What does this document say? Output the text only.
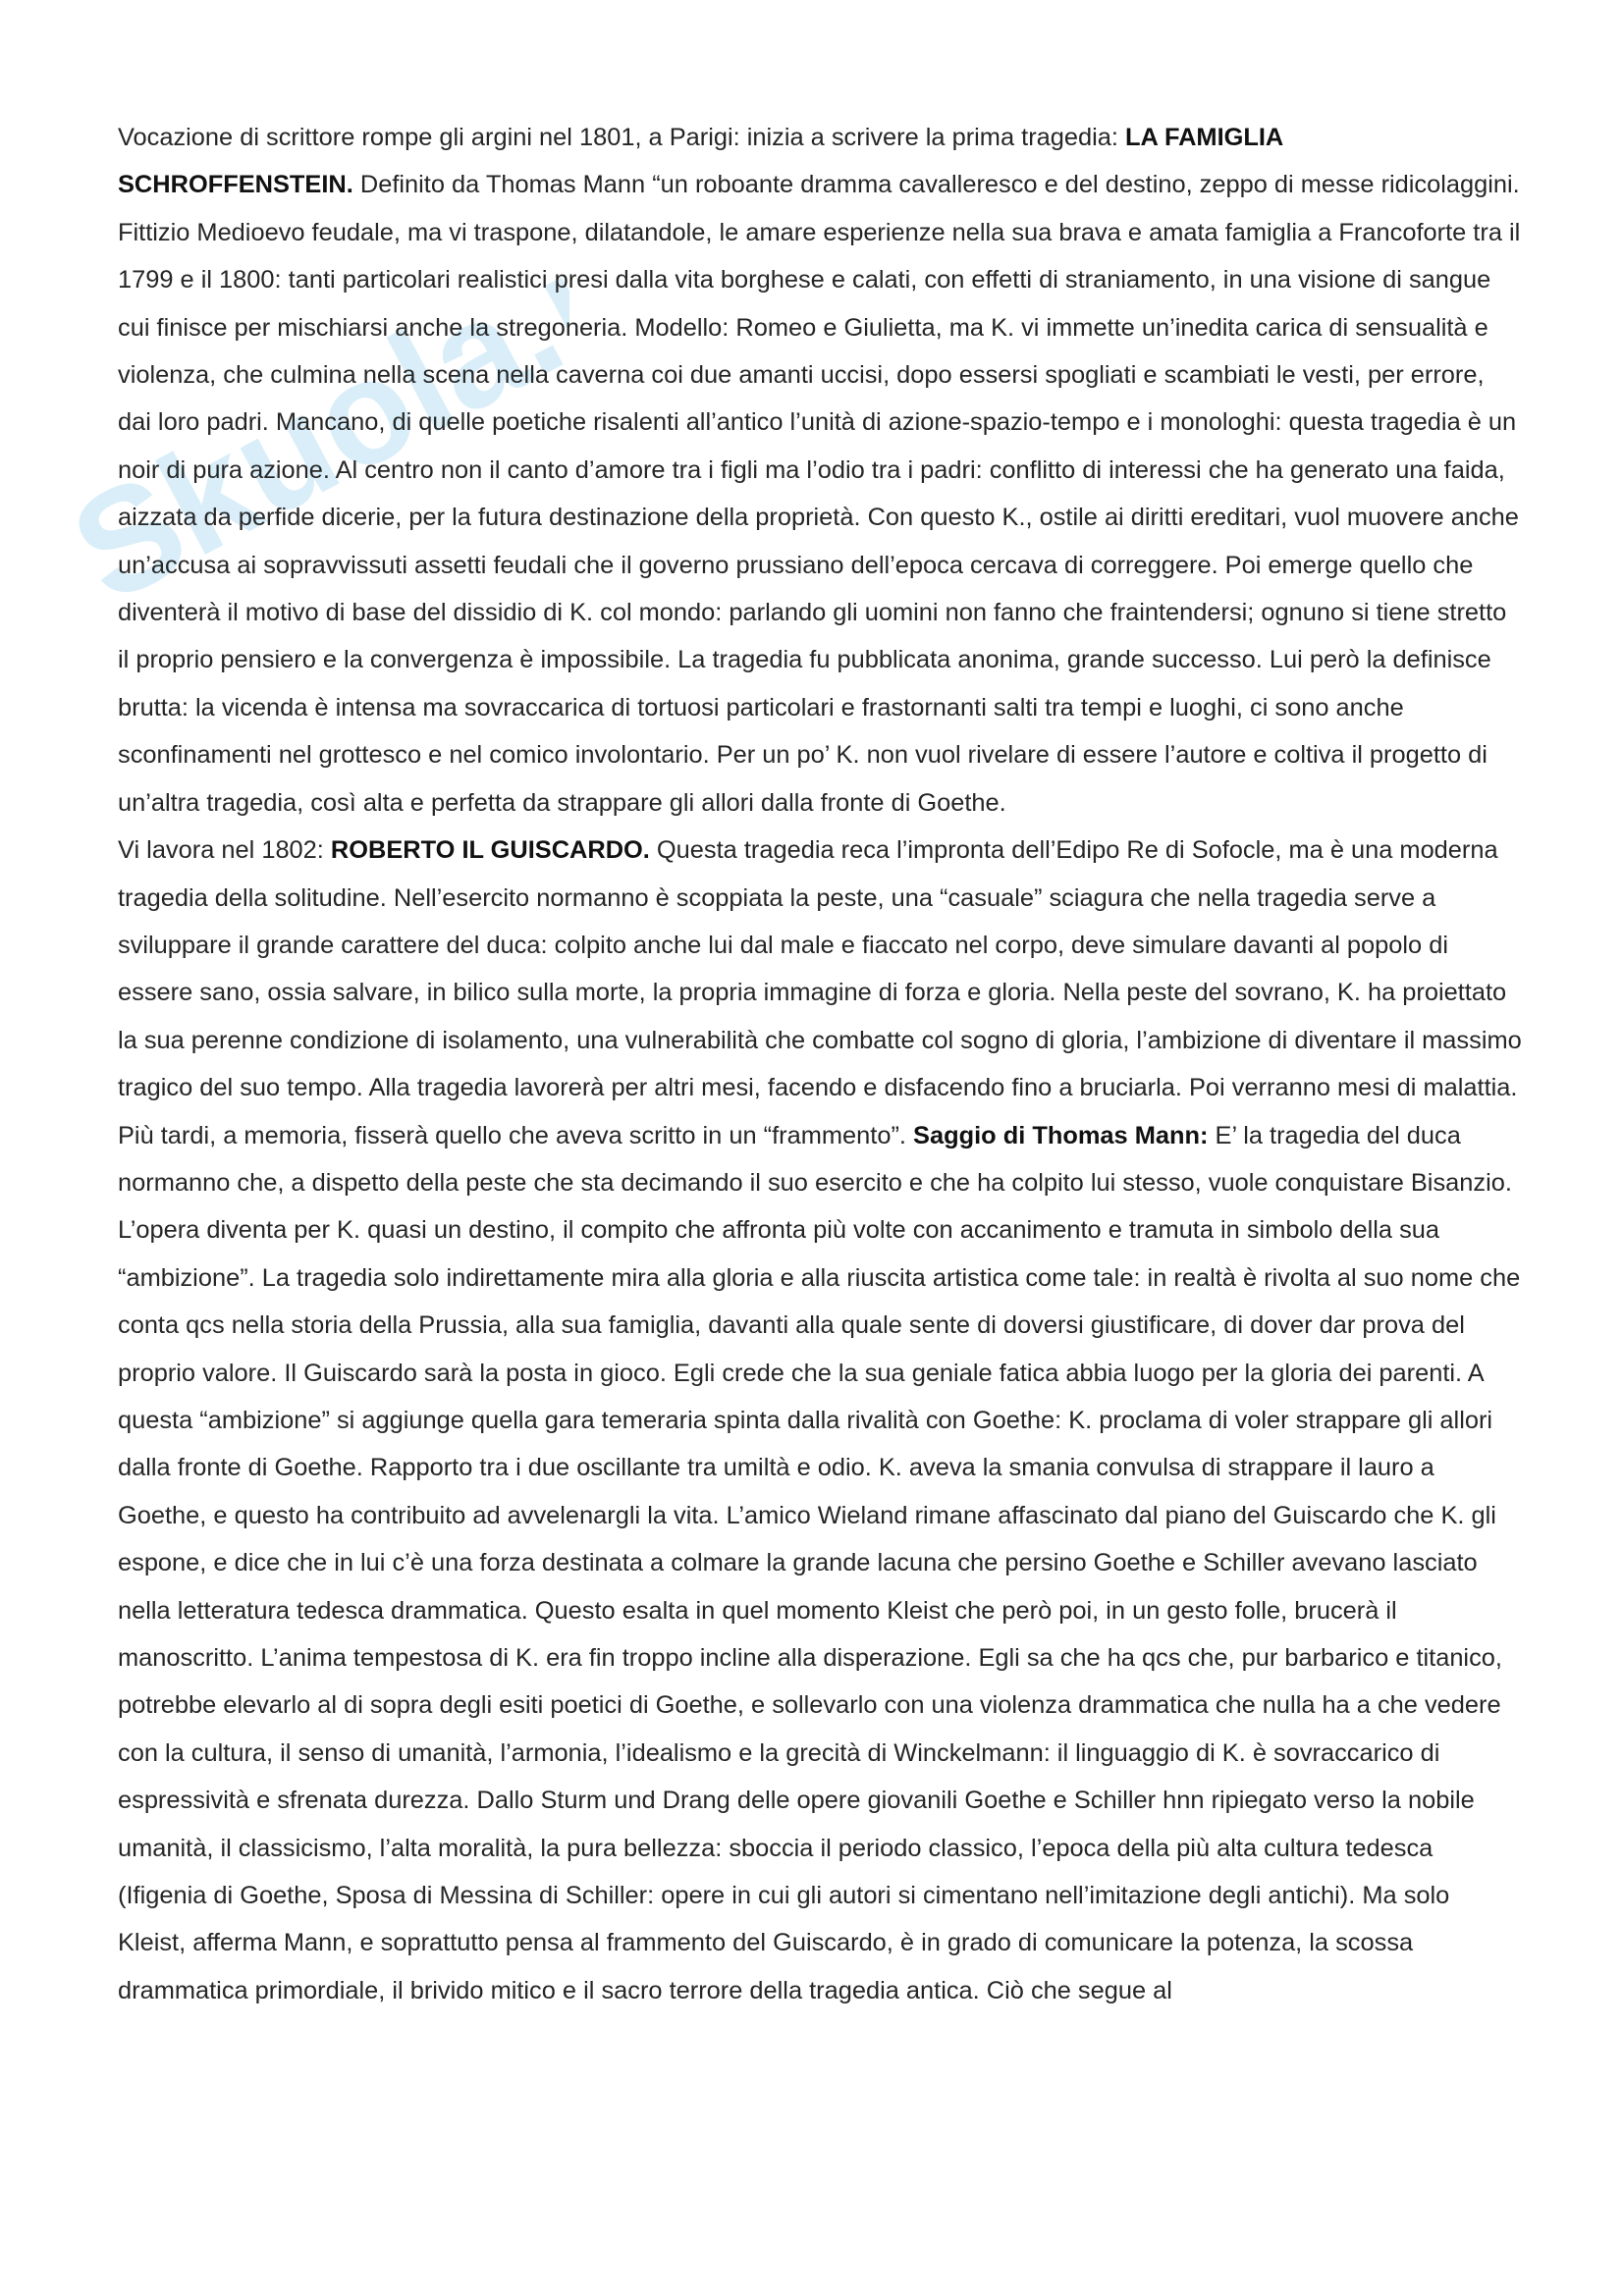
Skuola.net

Vocazione di scrittore rompe gli argini nel 1801, a Parigi: inizia a scrivere la prima tragedia: LA FAMIGLIA SCHROFFENSTEIN. Definito da Thomas Mann “un roboante dramma cavalleresco e del destino, zeppo di messe ridicolaggini. Fittizio Medioevo feudale, ma vi traspone, dilatandole, le amare esperienze nella sua brava e amata famiglia a Francoforte tra il 1799 e il 1800: tanti particolari realistici presi dalla vita borghese e calati, con effetti di straniamento, in una visione di sangue cui finisce per mischiarsi anche la stregoneria. Modello: Romeo e Giulietta, ma K. vi immette un’inedita carica di sensualità e violenza, che culmina nella scena nella caverna coi due amanti uccisi, dopo essersi spogliati e scambiati le vesti, per errore, dai loro padri. Mancano, di quelle poetiche risalenti all’antico l’unità di azione-spazio-tempo e i monologhi: questa tragedia è un noir di pura azione. Al centro non il canto d’amore tra i figli ma l’odio tra i padri: conflitto di interessi che ha generato una faida, aizzata da perfide dicerie, per la futura destinazione della proprietà. Con questo K., ostile ai diritti ereditari, vuol muovere anche un’accusa ai sopravvissuti assetti feudali che il governo prussiano dell’epoca cercava di correggere. Poi emerge quello che diventerà il motivo di base del dissidio di K. col mondo: parlando gli uomini non fanno che fraintendersi; ognuno si tiene stretto il proprio pensiero e la convergenza è impossibile. La tragedia fu pubblicata anonima, grande successo. Lui però la definisce brutta: la vicenda è intensa ma sovraccarica di tortuosi particolari e frastornanti salti tra tempi e luoghi, ci sono anche sconfinamenti nel grottesco e nel comico involontario. Per un po’ K. non vuol rivelare di essere l’autore e coltiva il progetto di un’altra tragedia, così alta e perfetta da strappare gli allori dalla fronte di Goethe.

Vi lavora nel 1802: ROBERTO IL GUISCARDO. Questa tragedia reca l’impronta dell’Edipo Re di Sofocle, ma è una moderna tragedia della solitudine. Nell’esercito normanno è scoppiata la peste, una “casuale” sciagura che nella tragedia serve a sviluppare il grande carattere del duca: colpito anche lui dal male e fiaccato nel corpo, deve simulare davanti al popolo di essere sano, ossia salvare, in bilico sulla morte, la propria immagine di forza e gloria. Nella peste del sovrano, K. ha proiettato la sua perenne condizione di isolamento, una vulnerabilità che combatte col sogno di gloria, l’ambizione di diventare il massimo tragico del suo tempo. Alla tragedia lavorerà per altri mesi, facendo e disfacendo fino a bruciarla. Poi verranno mesi di malattia. Più tardi, a memoria, fisserà quello che aveva scritto in un “frammento”. Saggio di Thomas Mann: E’ la tragedia del duca normanno che, a dispetto della peste che sta decimando il suo esercito e che ha colpito lui stesso, vuole conquistare Bisanzio. L’opera diventa per K. quasi un destino, il compito che affronta più volte con accanimento e tramuta in simbolo della sua “ambizione”. La tragedia solo indirettamente mira alla gloria e alla riuscita artistica come tale: in realtà è rivolta al suo nome che conta qcs nella storia della Prussia, alla sua famiglia, davanti alla quale sente di doversi giustificare, di dover dar prova del proprio valore. Il Guiscardo sarà la posta in gioco. Egli crede che la sua geniale fatica abbia luogo per la gloria dei parenti. A questa “ambizione” si aggiunge quella gara temeraria spinta dalla rivalità con Goethe: K. proclama di voler strappare gli allori dalla fronte di Goethe. Rapporto tra i due oscillante tra umiltà e odio. K. aveva la smania convulsa di strappare il lauro a Goethe, e questo ha contribuito ad avvelenargli la vita. L’amico Wieland rimane affascinato dal piano del Guiscardo che K. gli espone, e dice che in lui c’è una forza destinata a colmare la grande lacuna che persino Goethe e Schiller avevano lasciato nella letteratura tedesca drammatica. Questo esalta in quel momento Kleist che però poi, in un gesto folle, brucerà il manoscritto. L’anima tempestosa di K. era fin troppo incline alla disperazione. Egli sa che ha qcs che, pur barbarico e titanico, potrebbe elevarlo al di sopra degli esiti poetici di Goethe, e sollevarlo con una violenza drammatica che nulla ha a che vedere con la cultura, il senso di umanità, l’armonia, l’idealismo e la grecità di Winckelmann: il linguaggio di K. è sovraccarico di espressività e sfrenata durezza. Dallo Sturm und Drang delle opere giovanili Goethe e Schiller hnn ripiegato verso la nobile umanità, il classicismo, l’alta moralità, la pura bellezza: sboccia il periodo classico, l’epoca della più alta cultura tedesca (Ifigenia di Goethe, Sposa di Messina di Schiller: opere in cui gli autori si cimentano nell’imitazione degli antichi). Ma solo Kleist, afferma Mann, e soprattutto pensa al frammento del Guiscardo, è in grado di comunicare la potenza, la scossa drammatica primordiale, il brivido mitico e il sacro terrore della tragedia antica. Ciò che segue al
